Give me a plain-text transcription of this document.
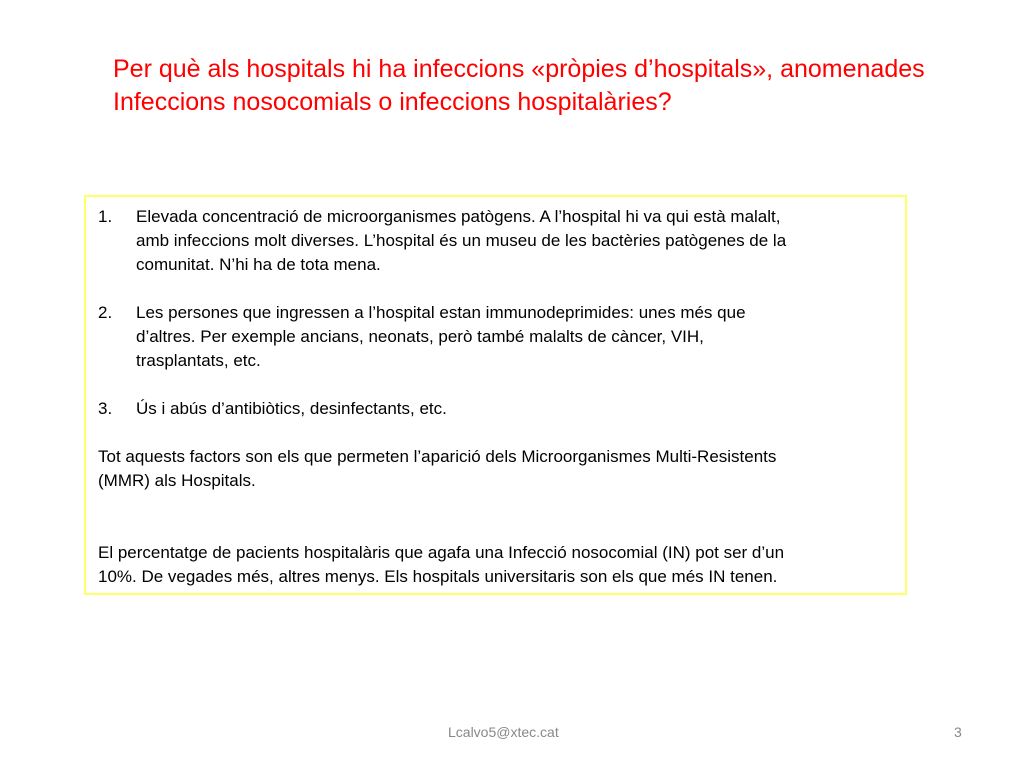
Per què als hospitals hi ha infeccions «pròpies d’hospitals», anomenades
Infeccions nosocomials o infeccions hospitalàries?
1.	Elevada concentració de microorganismes patògens. A l’hospital hi va qui està malalt,
amb infeccions molt diverses. L’hospital és un museu de les bactèries patògenes de la
comunitat. N’hi ha de tota mena.
2.	Les persones que ingressen a l’hospital estan immunodeprimides: unes més que
d’altres. Per exemple ancians, neonats, però també malalts de càncer, VIH,
trasplantats, etc.
3.	Ús i abús d’antibiòtics, desinfectants, etc.

Tot aquests factors son els que permeten l’aparició dels Microorganismes Multi-Resistents
(MMR) als Hospitals.

El percentatge de pacients hospitalàris que agafa una Infecció nosocomial (IN) pot ser d’un
10%. De vegades més, altres menys. Els hospitals universitaris son els que més IN tenen.

Lcalvo5@xtec.cat	3
